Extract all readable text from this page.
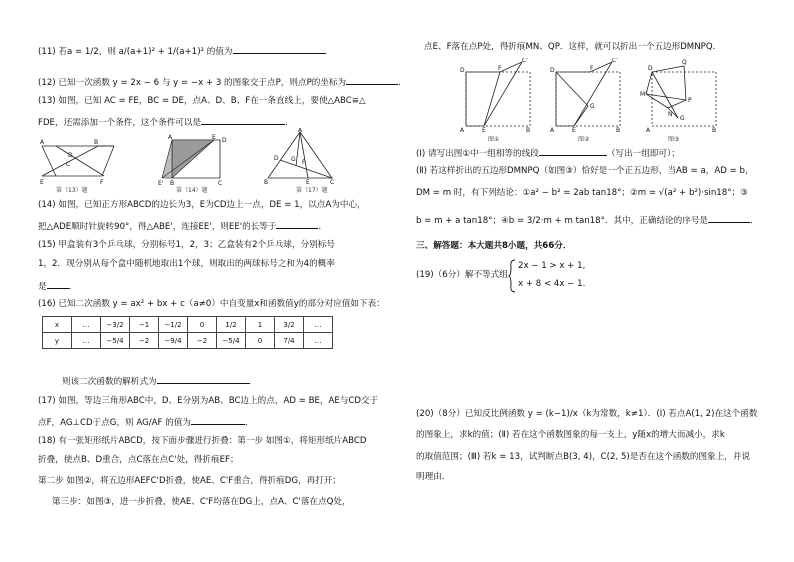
(11) 若a = 1/2，则 a/(a+1)² + 1/(a+1)² 的值为	．
(12) 已知一次函数 y = 2x − 6 与 y = −x + 3 的图象交于点P，则点P的坐标为	．
(13) 如图，已知 AC = FE，BC = DE，点A、D、B、F在一条直线上，要使△ABC≌△
FDE，还需添加一个条件，这个条件可以是	．
A
D
B
E
C
F
第（13）题
A	E D
E' B	C
第（14）题
A
D G F
B	E	C
第（17）题
(14) 如图，已知正方形ABCD的边长为3，E为CD边上一点，DE = 1，以点A为中心，
把△ADE顺时针旋转90°，得△ABE'，连接EE'，则EE'的长等于	．
(15) 甲盒装有3个乒乓球，分别标号1，2，3；乙盒装有2个乒乓球，分别标号
1，2．现分别从每个盒中随机地取出1个球，则取出的两球标号之和为4的概率
是	．
(16) 已知二次函数 y = ax² + bx + c（a≠0）中自变量x和函数值y的部分对应值如下表：
x	…	−3/2	−1	−1/2	0	1/2	1	3/2	…
y	…	−5/4	−2	−9/4	−2	−5/4	0	7/4	…
则该二次函数的解析式为	．
(17) 如图，等边三角形ABC中，D、E分别为AB、BC边上的点，AD = BE，AE与CD交于
点F，AG⊥CD于点G，则 AG/AF 的值为	．
(18) 有一张矩形纸片ABCD，按下面步骤进行折叠：第一步 如图①，将矩形纸片ABCD
折叠，使点B、D重合，点C落在点C'处，得折痕EF；
第二步 如图②，将五边形AEFC'D折叠，使AE、C'F重合，得折痕DG，再打开；
第三步：如图③，进一步折叠，使AE、C'F均落在DG上，点A、C'落在点Q处，
点E、F落在点P处，得折痕MN、QP．这样，就可以折出一个五边形DMNPQ．
A	E	B
D	F
C'
图①
A	E	B
D	F
C'
G
图②
D
Q
P
M
N
G
A	B
图③
(Ⅰ) 请写出图①中一组相等的线段	（写出一组即可）；
(Ⅱ) 若这样折出的五边形DMNPQ（如图③）恰好是一个正五边形，当AB = a，AD = b，
DM = m 时，有下列结论：①a² − b² = 2ab tan18°；②m = √(a² + b²)·sin18°；③
b = m + a tan18°；④b = 3/2·m + m tan18°．其中，正确结论的序号是	．
三、解答题：本大题共8小题，共66分．
(19)（6分）解不等式组
2x − 1 > x + 1,
x + 8 < 4x − 1.
(20)（8分）已知反比例函数 y = (k−1)/x（k为常数，k≠1）．(Ⅰ) 若点A(1, 2)在这个函数
的图象上，求k的值；(Ⅱ) 若在这个函数图象的每一支上，y随x的增大而减小，求k
的取值范围；(Ⅲ) 若k = 13，试判断点B(3, 4)，C(2, 5)是否在这个函数的图象上，并说
明理由．
